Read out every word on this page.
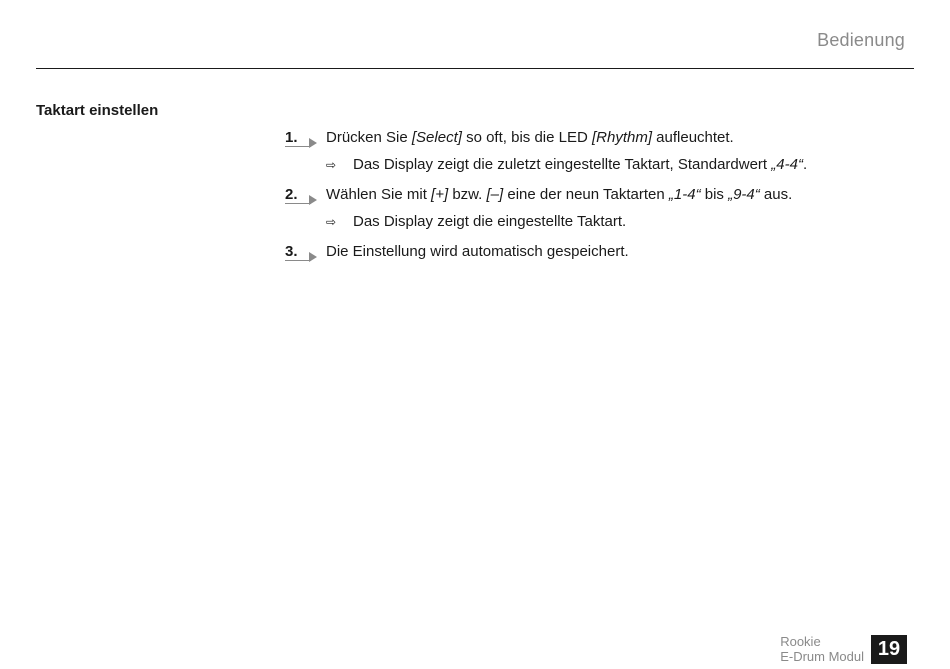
Bedienung
Taktart einstellen
1. Drücken Sie [Select] so oft, bis die LED [Rhythm] aufleuchtet.
⇨ Das Display zeigt die zuletzt eingestellte Taktart, Standardwert „4-4“.
2. Wählen Sie mit [+] bzw. [–] eine der neun Taktarten „1-4“ bis „9-4“ aus.
⇨ Das Display zeigt die eingestellte Taktart.
3. Die Einstellung wird automatisch gespeichert.
Rookie
E-Drum Modul 19
